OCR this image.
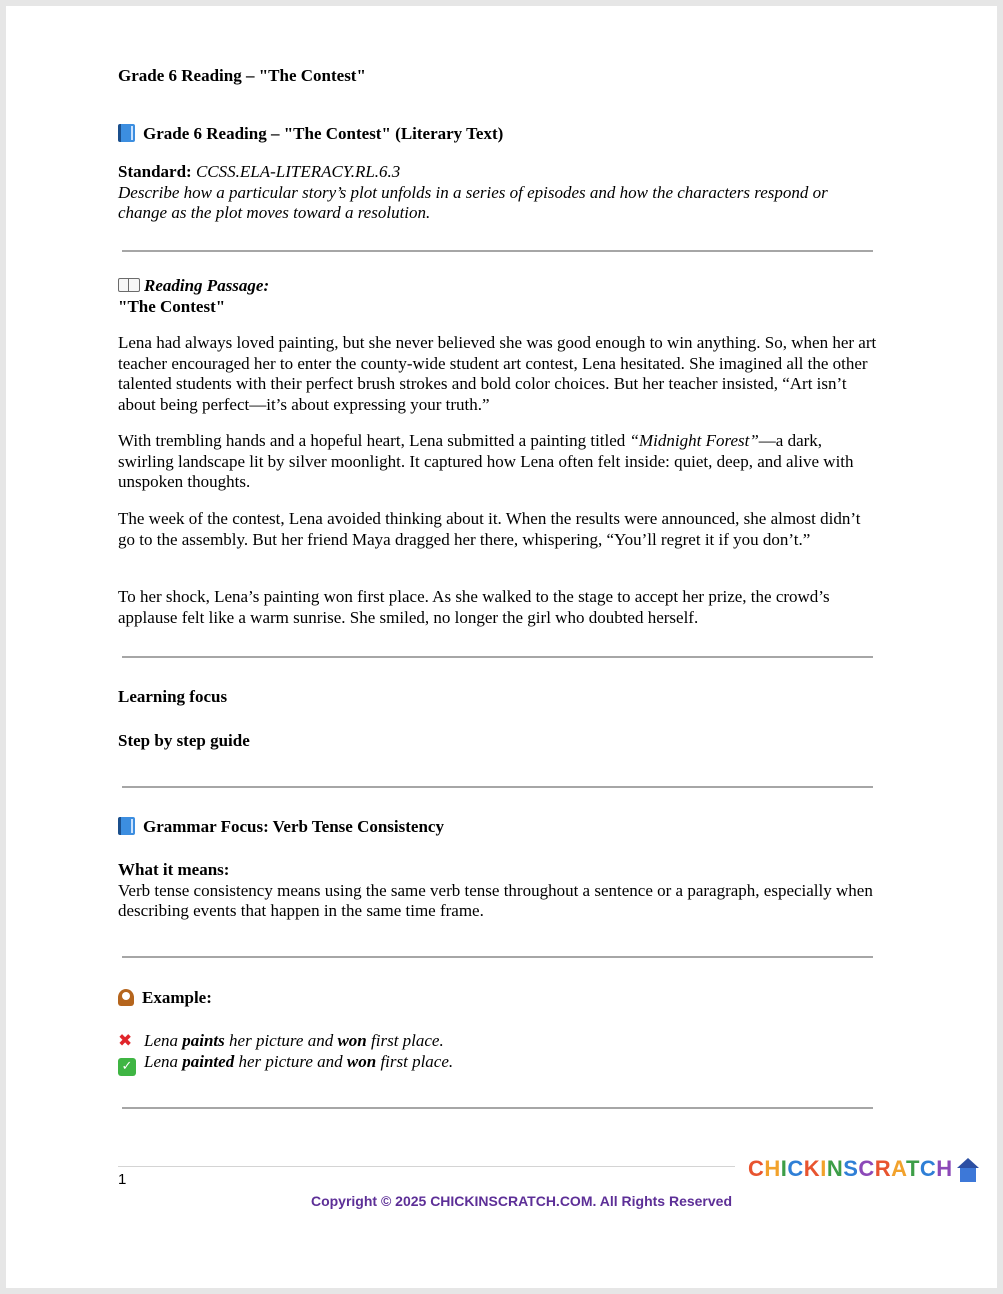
Grade 6 Reading – "The Contest"

Grade 6 Reading – "The Contest" (Literary Text)

Standard: CCSS.ELA-LITERACY.RL.6.3
Describe how a particular story’s plot unfolds in a series of episodes and how the characters respond or change as the plot moves toward a resolution.

Reading Passage:
"The Contest"

Lena had always loved painting, but she never believed she was good enough to win anything. So, when her art teacher encouraged her to enter the county-wide student art contest, Lena hesitated. She imagined all the other talented students with their perfect brush strokes and bold color choices. But her teacher insisted, “Art isn’t about being perfect—it’s about expressing your truth.”

With trembling hands and a hopeful heart, Lena submitted a painting titled “Midnight Forest”—a dark, swirling landscape lit by silver moonlight. It captured how Lena often felt inside: quiet, deep, and alive with unspoken thoughts.

The week of the contest, Lena avoided thinking about it. When the results were announced, she almost didn’t go to the assembly. But her friend Maya dragged her there, whispering, “You’ll regret it if you don’t.”

To her shock, Lena’s painting won first place. As she walked to the stage to accept her prize, the crowd’s applause felt like a warm sunrise. She smiled, no longer the girl who doubted herself.

Learning focus

Step by step guide

Grammar Focus: Verb Tense Consistency

What it means:
Verb tense consistency means using the same verb tense throughout a sentence or a paragraph, especially when describing events that happen in the same time frame.

Example:

✖ Lena paints her picture and won first place.

✓ Lena painted her picture and won first place.

1	CHICKINSCRATCH
Copyright © 2025 CHICKINSCRATCH.COM. All Rights Reserved
